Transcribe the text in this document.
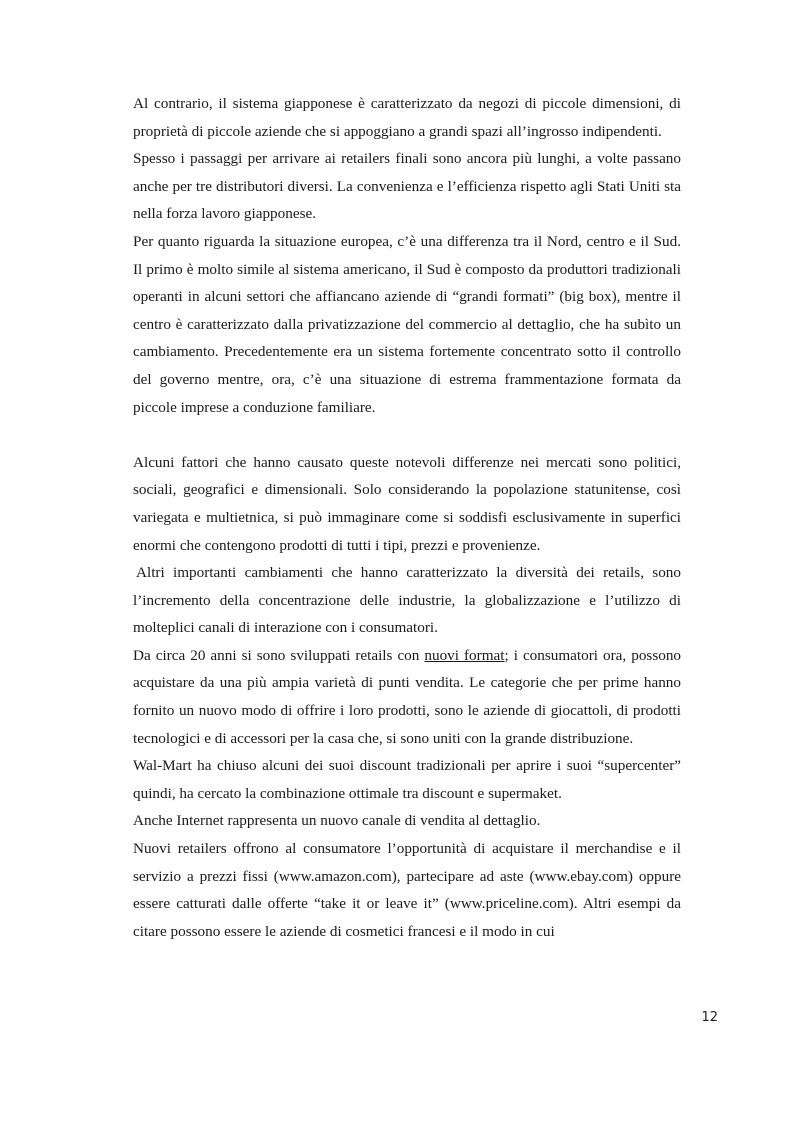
Al contrario, il sistema giapponese è caratterizzato da negozi di piccole dimensioni, di proprietà di piccole aziende che si appoggiano a grandi spazi all’ingrosso indipendenti.

Spesso i passaggi per arrivare ai retailers finali sono ancora più lunghi, a volte passano anche per tre distributori diversi. La convenienza e l’efficienza rispetto agli Stati Uniti sta nella forza lavoro giapponese.

Per quanto riguarda la situazione europea, c’è una differenza tra il Nord, centro e il Sud. Il primo è molto simile al sistema americano, il Sud è composto da produttori tradizionali operanti in alcuni settori che affiancano aziende di “grandi formati” (big box), mentre il centro è caratterizzato dalla privatizzazione del commercio al dettaglio, che ha subìto un cambiamento. Precedentemente era un sistema fortemente concentrato sotto il controllo del governo mentre, ora, c’è una situazione di estrema frammentazione formata da piccole imprese a conduzione familiare.

Alcuni fattori che hanno causato queste notevoli differenze nei mercati sono politici, sociali, geografici e dimensionali. Solo considerando la popolazione statunitense, così variegata e multietnica, si può immaginare come si soddisfi esclusivamente in superfici enormi che contengono prodotti di tutti i tipi, prezzi e provenienze.

Altri importanti cambiamenti che hanno caratterizzato la diversità dei retails, sono l’incremento della concentrazione delle industrie, la globalizzazione e l’utilizzo di molteplici canali di interazione con i consumatori.

Da circa 20 anni si sono sviluppati retails con nuovi format; i consumatori ora, possono acquistare da una più ampia varietà di punti vendita. Le categorie che per prime hanno fornito un nuovo modo di offrire i loro prodotti, sono le aziende di giocattoli, di prodotti tecnologici e di accessori per la casa che, si sono uniti con la grande distribuzione.

Wal-Mart ha chiuso alcuni dei suoi discount tradizionali per aprire i suoi “supercenter” quindi, ha cercato la combinazione ottimale tra discount e supermaket.

Anche Internet rappresenta un nuovo canale di vendita al dettaglio.

Nuovi retailers offrono al consumatore l’opportunità di acquistare il merchandise e il servizio a prezzi fissi (www.amazon.com), partecipare ad aste (www.ebay.com) oppure essere catturati dalle offerte “take it or leave it” (www.priceline.com). Altri esempi da citare possono essere le aziende di cosmetici francesi e il modo in cui

12
